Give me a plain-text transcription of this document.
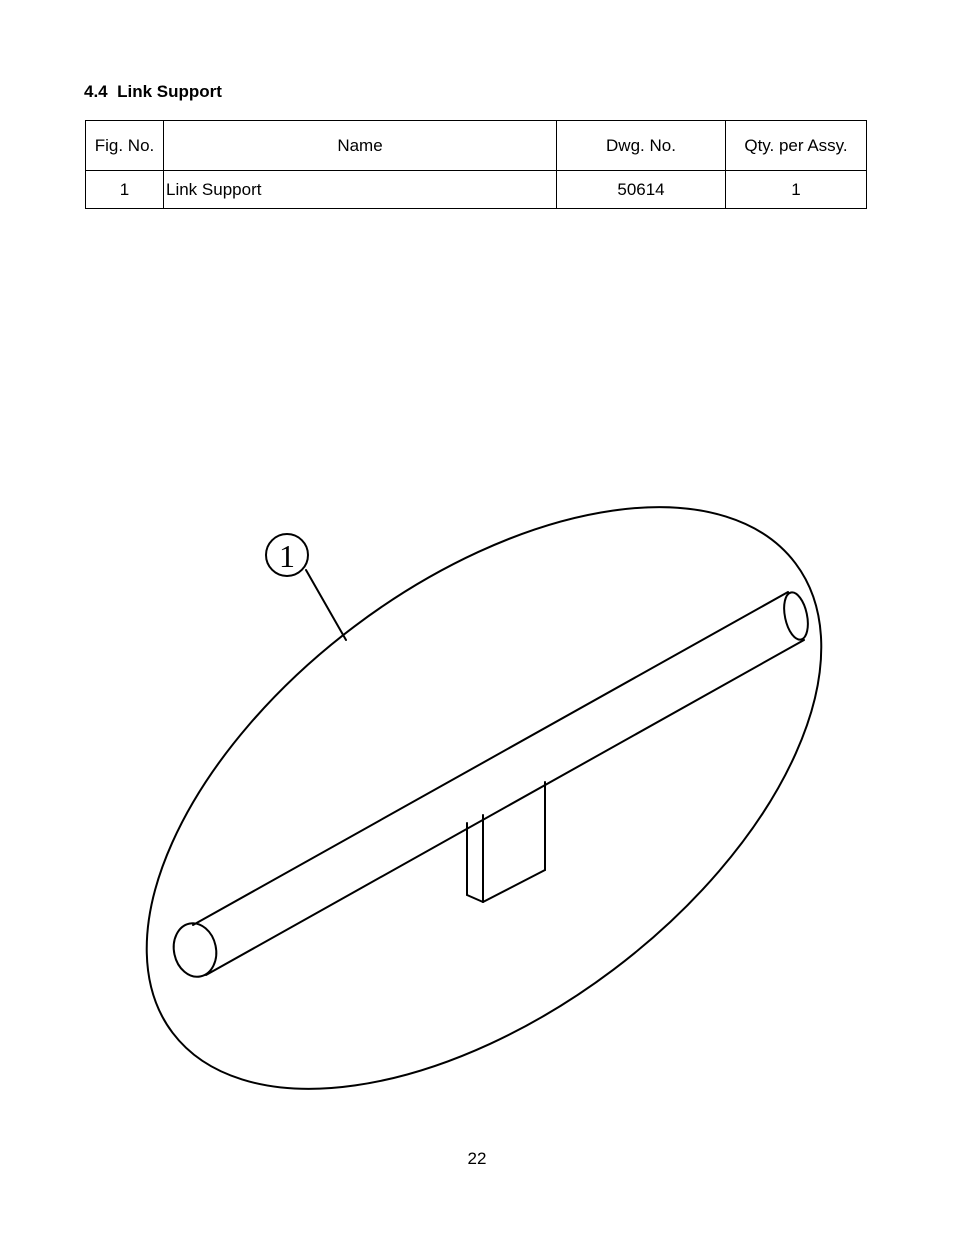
4.4 Link Support
Fig. No.	Name	Dwg. No.	Qty. per Assy.
1	Link Support	50614	1
1
22
